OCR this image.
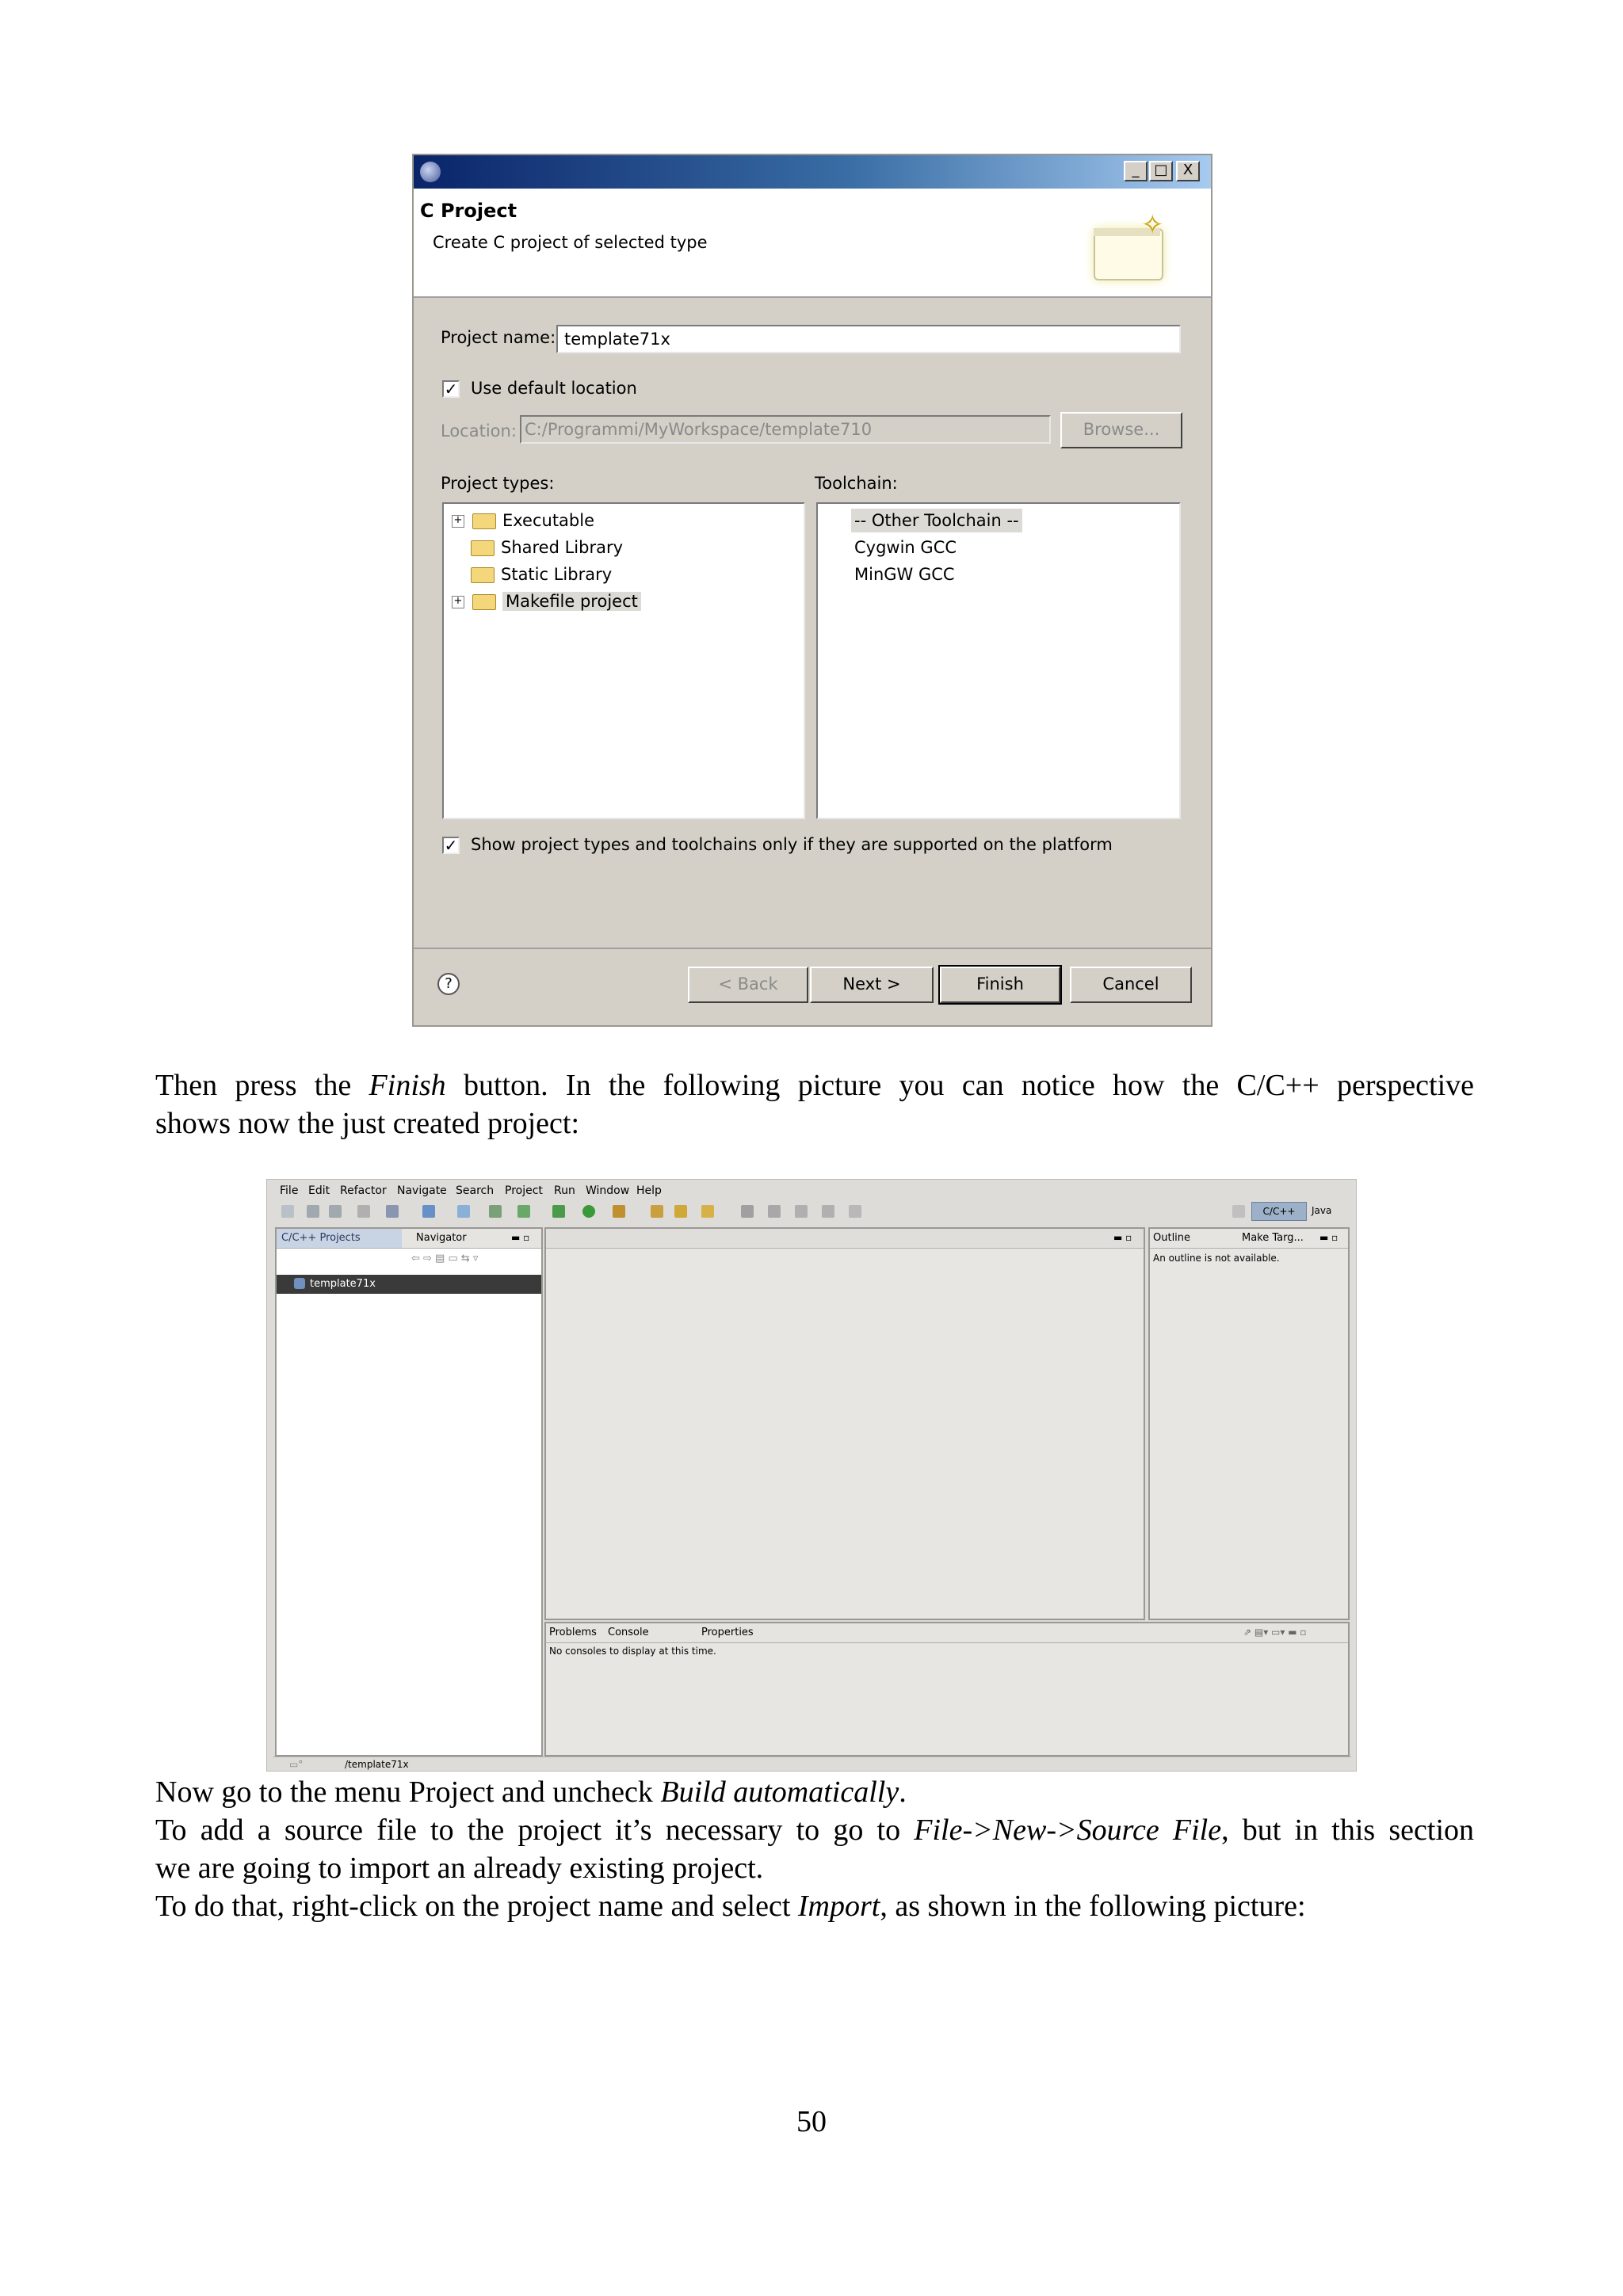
_	□	X
C Project
Create C project of selected type
✧
Project name: template71x
✓ Use default location
Location: C:/Programmi/MyWorkspace/template710	Browse...
Project types:	Toolchain:
+ Executable
Shared Library
Static Library
+	Makefile project
-- Other Toolchain --
Cygwin GCC
MinGW GCC
✓ Show project types and toolchains only if they are supported on the platform
?	< Back	Next >	Finish	Cancel
Then press the Finish button. In the following picture you can notice how the C/C++ perspective
shows now the just created project:
File Edit Refactor Navigate Search Project Run Window Help
C/C++	Java
C/C++ Projects	Navigator	▬ ▫
⇦ ⇨ ▤ ▭ ⇆ ▿
template71x
▬ ▫ Outline	Make Targ... ▬ ▫
An outline is not available.
Problems Console	Properties	⇗ ▤▾ ▭▾ ▬ ▫
No consoles to display at this time.
▭°	/template71x
Now go to the menu Project and uncheck Build automatically.
To add a source file to the project it’s necessary to go to File->New->Source File, but in this section
we are going to import an already existing project.
To do that, right-click on the project name and select Import, as shown in the following picture:
50
